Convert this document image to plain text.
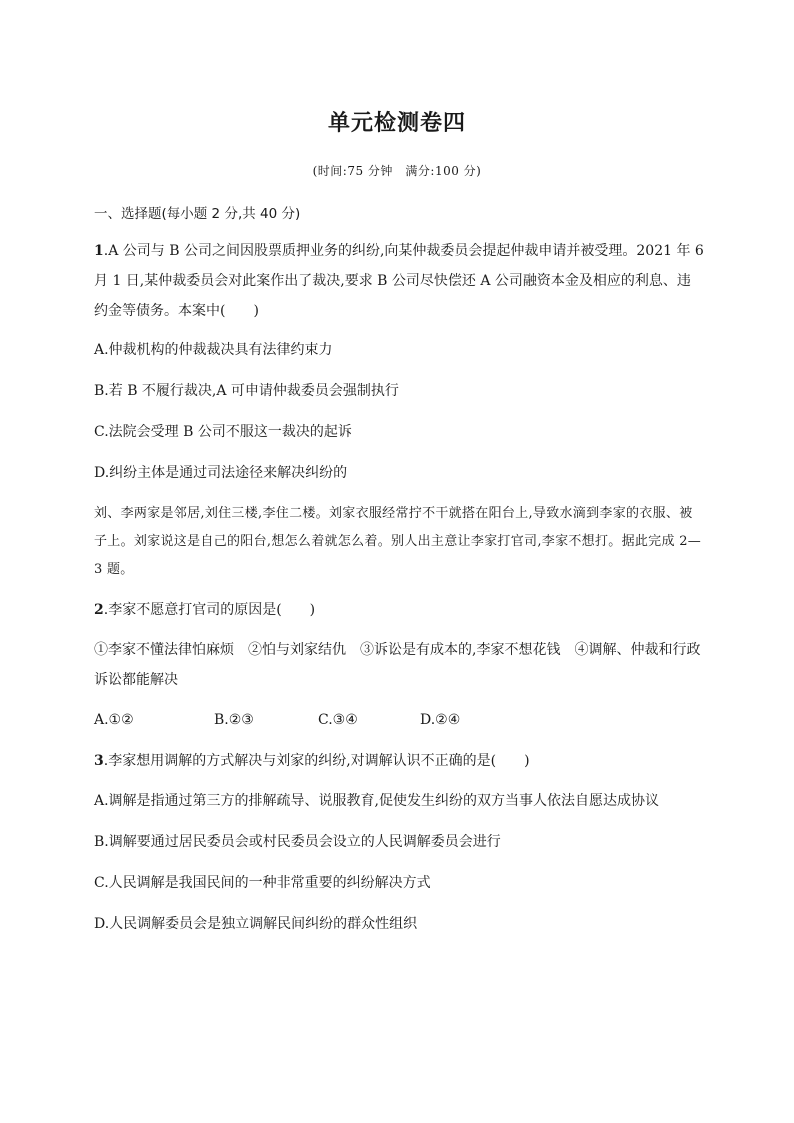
单元检测卷四
(时间:75 分钟　满分:100 分)
一、选择题(每小题 2 分,共 40 分)
1.A 公司与 B 公司之间因股票质押业务的纠纷,向某仲裁委员会提起仲裁申请并被受理。2021 年 6 月 1 日,某仲裁委员会对此案作出了裁决,要求 B 公司尽快偿还 A 公司融资本金及相应的利息、违约金等债务。本案中(　　)
A.仲裁机构的仲裁裁决具有法律约束力
B.若 B 不履行裁决,A 可申请仲裁委员会强制执行
C.法院会受理 B 公司不服这一裁决的起诉
D.纠纷主体是通过司法途径来解决纠纷的
刘、李两家是邻居,刘住三楼,李住二楼。刘家衣服经常拧不干就搭在阳台上,导致水滴到李家的衣服、被子上。刘家说这是自己的阳台,想怎么着就怎么着。别人出主意让李家打官司,李家不想打。据此完成 2—3 题。
2.李家不愿意打官司的原因是(　　)
①李家不懂法律怕麻烦　②怕与刘家结仇　③诉讼是有成本的,李家不想花钱　④调解、仲裁和行政诉讼都能解决
A.①②	B.②③	C.③④	D.②④
3.李家想用调解的方式解决与刘家的纠纷,对调解认识不正确的是(　　)
A.调解是指通过第三方的排解疏导、说服教育,促使发生纠纷的双方当事人依法自愿达成协议
B.调解要通过居民委员会或村民委员会设立的人民调解委员会进行
C.人民调解是我国民间的一种非常重要的纠纷解决方式
D.人民调解委员会是独立调解民间纠纷的群众性组织
